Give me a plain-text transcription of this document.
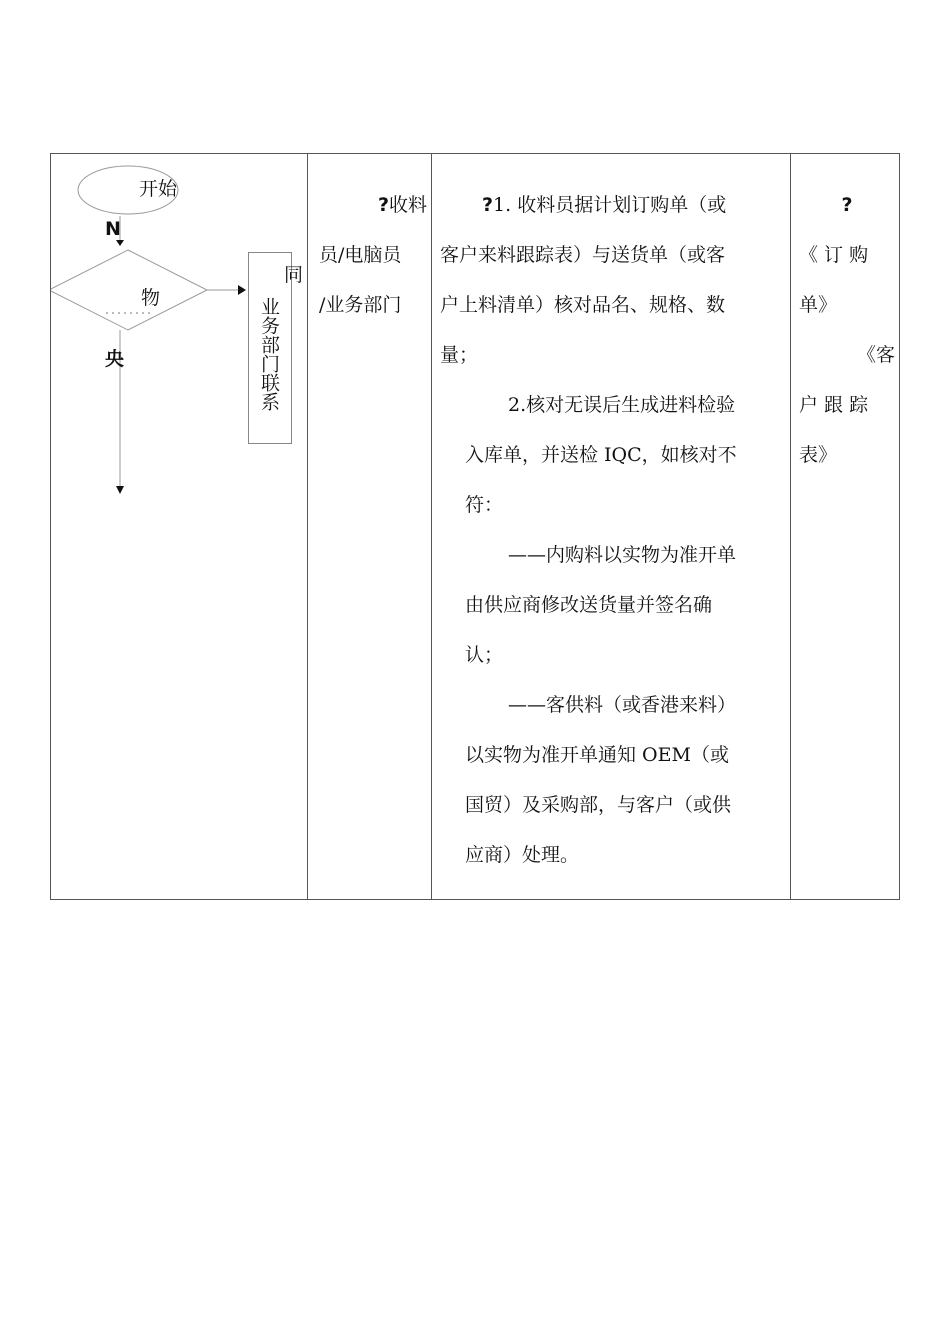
开始
N
物
央	业务部门联系
同
?收料
员/电脑员
/业务部门
?1. 收料员据计划订购单（或
客户来料跟踪表）与送货单（或客
户上料清单）核对品名、规格、数
量；
2.核对无误后生成进料检验
入库单，并送检 IQC，如核对不
符：
——内购料以实物为准开单
由供应商修改送货量并签名确
认；
——客供料（或香港来料）
以实物为准开单通知 OEM（或
国贸）及采购部，与客户（或供
应商）处理。
?
《 订 购
单》
《客
户 跟 踪
表》
